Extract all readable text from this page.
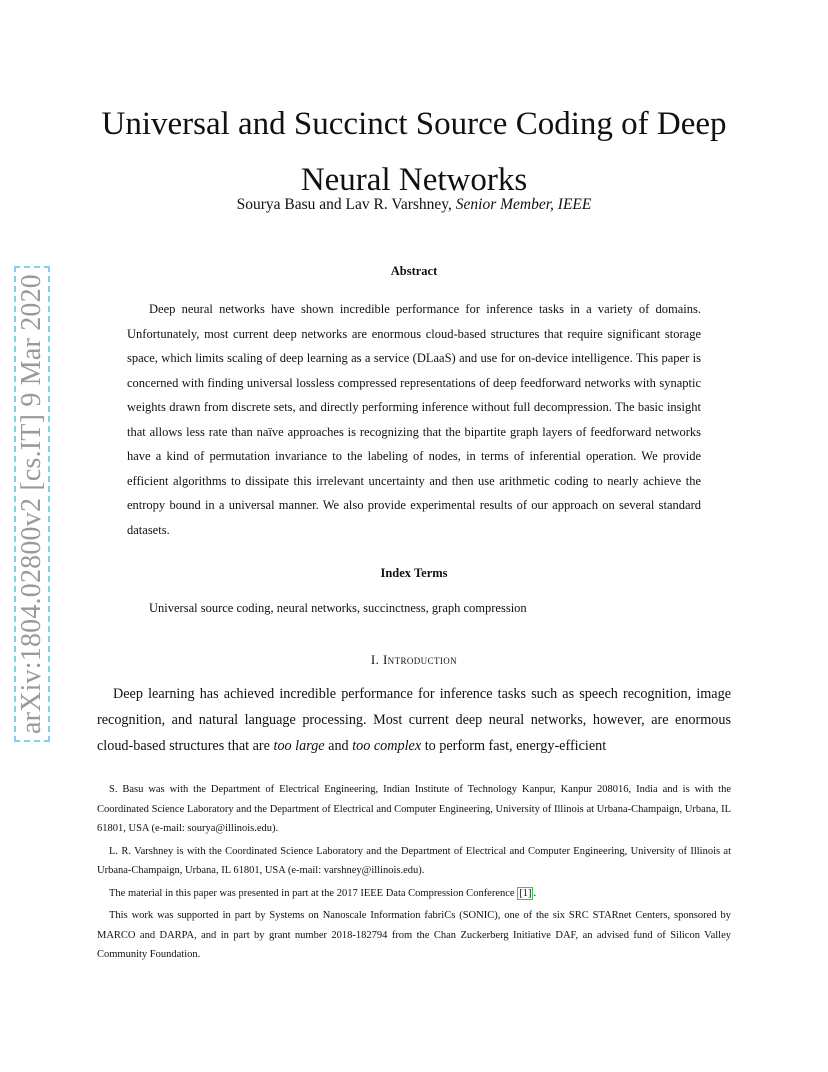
arXiv:1804.02800v2 [cs.IT] 9 Mar 2020
Universal and Succinct Source Coding of Deep Neural Networks
Sourya Basu and Lav R. Varshney, Senior Member, IEEE
Abstract
Deep neural networks have shown incredible performance for inference tasks in a variety of domains. Unfortunately, most current deep networks are enormous cloud-based structures that require significant storage space, which limits scaling of deep learning as a service (DLaaS) and use for on-device intelligence. This paper is concerned with finding universal lossless compressed representations of deep feedforward networks with synaptic weights drawn from discrete sets, and directly performing inference without full decompression. The basic insight that allows less rate than naïve approaches is recognizing that the bipartite graph layers of feedforward networks have a kind of permutation invariance to the labeling of nodes, in terms of inferential operation. We provide efficient algorithms to dissipate this irrelevant uncertainty and then use arithmetic coding to nearly achieve the entropy bound in a universal manner. We also provide experimental results of our approach on several standard datasets.
Index Terms
Universal source coding, neural networks, succinctness, graph compression
I. Introduction
Deep learning has achieved incredible performance for inference tasks such as speech recognition, image recognition, and natural language processing. Most current deep neural networks, however, are enormous cloud-based structures that are too large and too complex to perform fast, energy-efficient

S. Basu was with the Department of Electrical Engineering, Indian Institute of Technology Kanpur, Kanpur 208016, India and is with the Coordinated Science Laboratory and the Department of Electrical and Computer Engineering, University of Illinois at Urbana-Champaign, Urbana, IL 61801, USA (e-mail: sourya@illinois.edu).

L. R. Varshney is with the Coordinated Science Laboratory and the Department of Electrical and Computer Engineering, University of Illinois at Urbana-Champaign, Urbana, IL 61801, USA (e-mail: varshney@illinois.edu).

The material in this paper was presented in part at the 2017 IEEE Data Compression Conference [1] .

This work was supported in part by Systems on Nanoscale Information fabriCs (SONIC), one of the six SRC STARnet Centers, sponsored by MARCO and DARPA, and in part by grant number 2018-182794 from the Chan Zuckerberg Initiative DAF, an advised fund of Silicon Valley Community Foundation.
